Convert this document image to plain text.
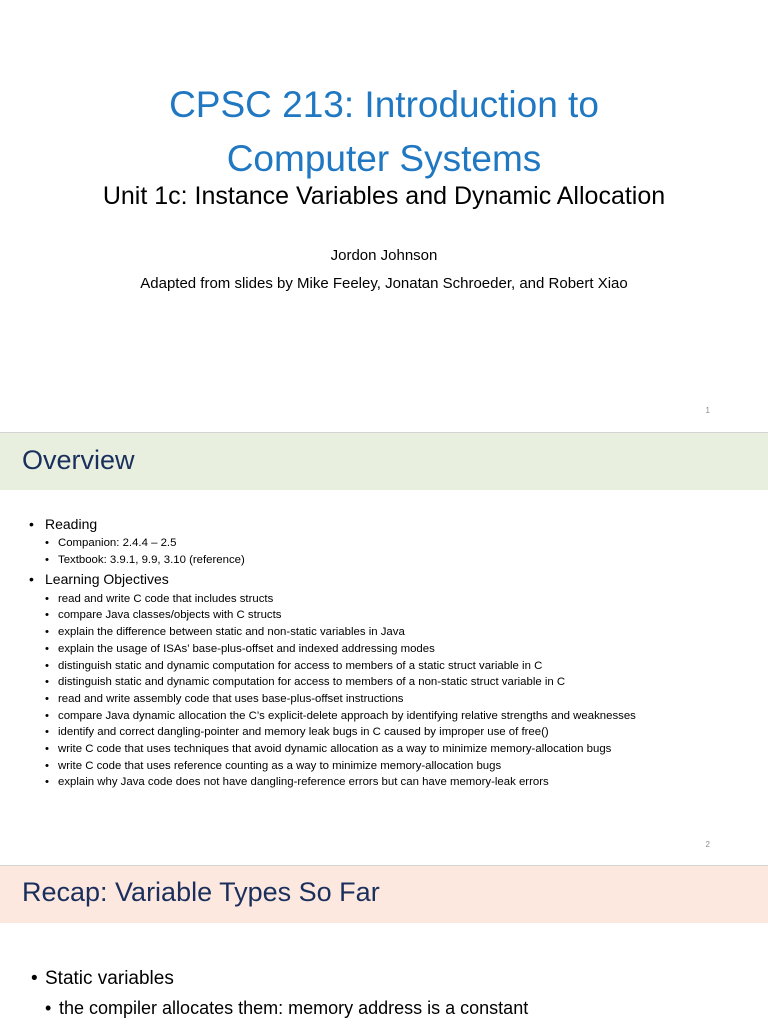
CPSC 213: Introduction to
Computer Systems
Unit 1c: Instance Variables and Dynamic Allocation
Jordon Johnson
Adapted from slides by Mike Feeley, Jonatan Schroeder, and Robert Xiao
1
Overview
• Reading
• Companion: 2.4.4 – 2.5
• Textbook: 3.9.1, 9.9, 3.10 (reference)
• Learning Objectives
• read and write C code that includes structs
• compare Java classes/objects with C structs
• explain the difference between static and non-static variables in Java
• explain the usage of ISAs’ base-plus-offset and indexed addressing modes
• distinguish static and dynamic computation for access to members of a static struct variable in C
• distinguish static and dynamic computation for access to members of a non-static struct variable in C
• read and write assembly code that uses base-plus-offset instructions
• compare Java dynamic allocation the C’s explicit-delete approach by identifying relative strengths and weaknesses
• identify and correct dangling-pointer and memory leak bugs in C caused by improper use of free()
• write C code that uses techniques that avoid dynamic allocation as a way to minimize memory-allocation bugs
• write C code that uses reference counting as a way to minimize memory-allocation bugs
• explain why Java code does not have dangling-reference errors but can have memory-leak errors
2
Recap: Variable Types So Far
• Static variables
• the compiler allocates them: memory address is a constant
